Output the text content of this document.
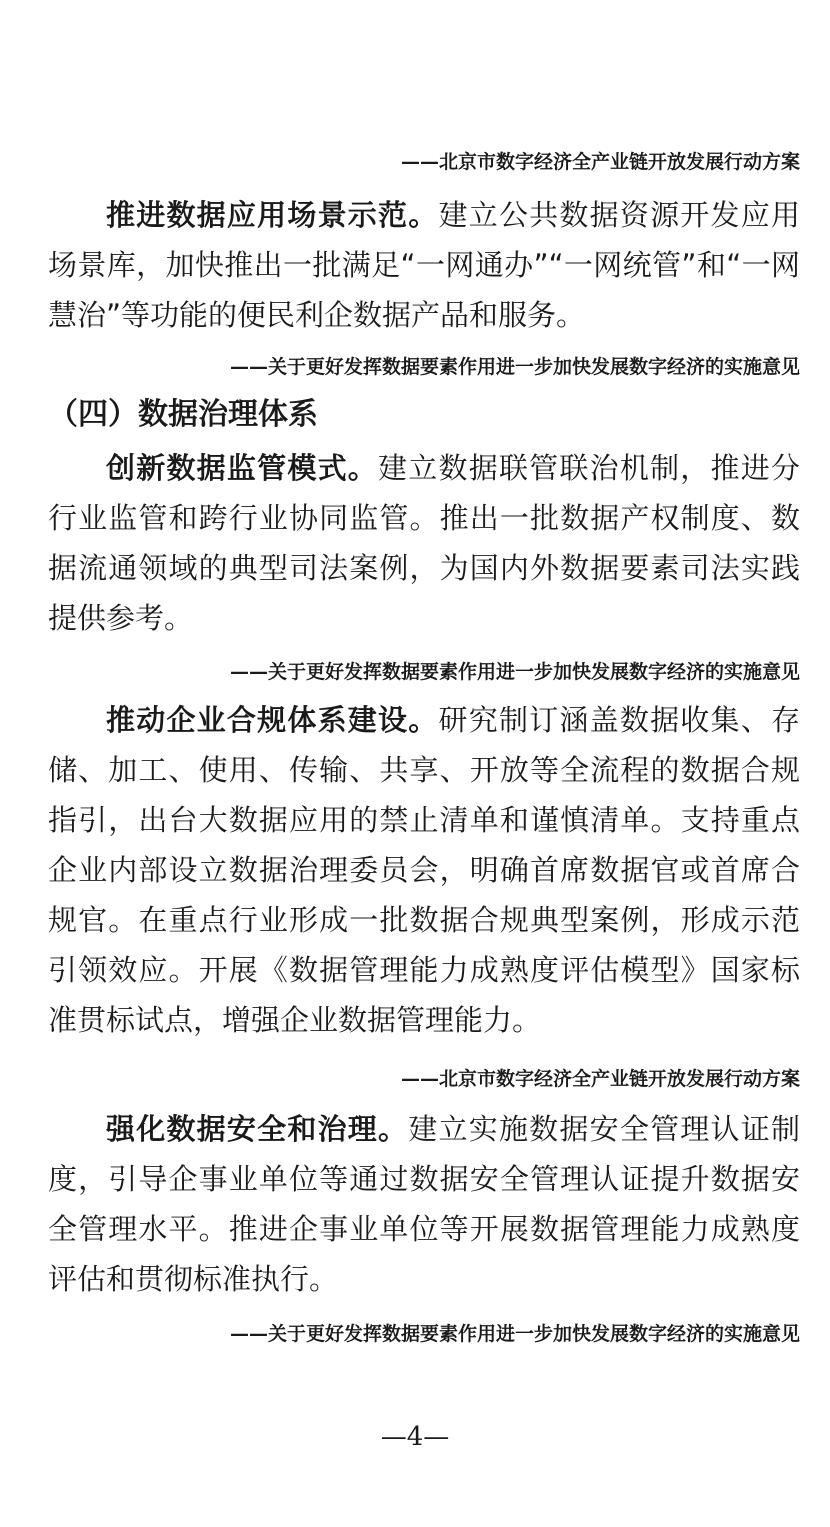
——北京市数字经济全产业链开放发展行动方案

推进数据应用场景示范。建立公共数据资源开发应用场景库，加快推出一批满足“一网通办”“一网统管”和“一网慧治”等功能的便民利企数据产品和服务。

——关于更好发挥数据要素作用进一步加快发展数字经济的实施意见
（四）数据治理体系

创新数据监管模式。建立数据联管联治机制，推进分行业监管和跨行业协同监管。推出一批数据产权制度、数据流通领域的典型司法案例，为国内外数据要素司法实践提供参考。

——关于更好发挥数据要素作用进一步加快发展数字经济的实施意见

推动企业合规体系建设。研究制订涵盖数据收集、存储、加工、使用、传输、共享、开放等全流程的数据合规指引，出台大数据应用的禁止清单和谨慎清单。支持重点企业内部设立数据治理委员会，明确首席数据官或首席合规官。在重点行业形成一批数据合规典型案例，形成示范引领效应。开展《数据管理能力成熟度评估模型》国家标准贯标试点，增强企业数据管理能力。

——北京市数字经济全产业链开放发展行动方案

强化数据安全和治理。建立实施数据安全管理认证制度，引导企事业单位等通过数据安全管理认证提升数据安全管理水平。推进企事业单位等开展数据管理能力成熟度评估和贯彻标准执行。

——关于更好发挥数据要素作用进一步加快发展数字经济的实施意见
—4—
